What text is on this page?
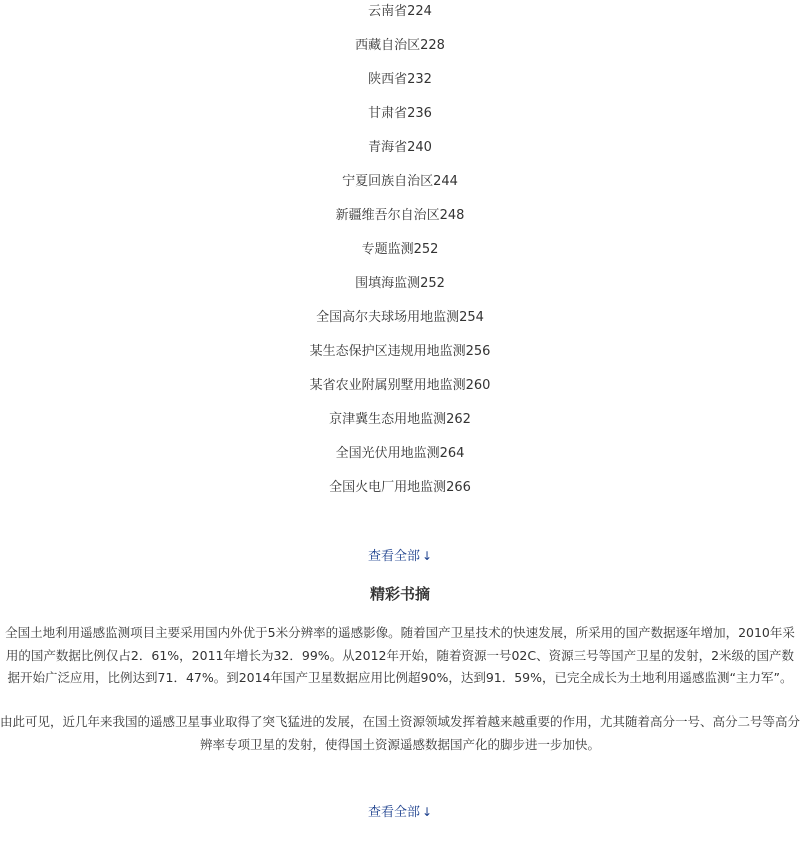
云南省224
西藏自治区228
陕西省232
甘肃省236
青海省240
宁夏回族自治区244
新疆维吾尔自治区248
专题监测252
围填海监测252
全国高尔夫球场用地监测254
某生态保护区违规用地监测256
某省农业附属别墅用地监测260
京津冀生态用地监测262
全国光伏用地监测264
全国火电厂用地监测266
查看全部 ↓
精彩书摘

全国土地利用遥感监测项目主要采用国内外优于5米分辨率的遥感影像。随着国产卫星技术的快速发展，所采用的国产数据逐年增加，2010年采用的国产数据比例仅占2．61%，2011年增长为32．99%。从2012年开始，随着资源一号02C、资源三号等国产卫星的发射，2米级的国产数据开始广泛应用，比例达到71．47%。到2014年国产卫星数据应用比例超90%，达到91．59%，已完全成长为土地利用遥感监测“主力军”。

由此可见，近几年来我国的遥感卫星事业取得了突飞猛进的发展，在国土资源领域发挥着越来越重要的作用，尤其随着高分一号、高分二号等高分辨率专项卫星的发射，使得国土资源遥感数据国产化的脚步进一步加快。

查看全部 ↓
